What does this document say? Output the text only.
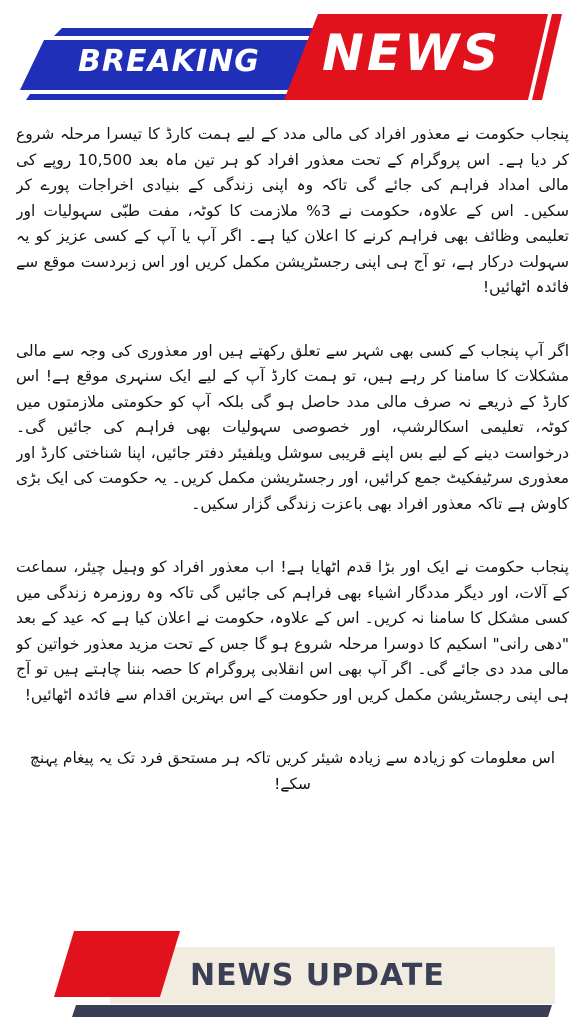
BREAKING NEWS

پنجاب حکومت نے معذور افراد کی مالی مدد کے لیے ہمت کارڈ کا تیسرا مرحلہ شروع کر دیا ہے۔ اس پروگرام کے تحت معذور افراد کو ہر تین ماہ بعد 10,500 روپے کی مالی امداد فراہم کی جائے گی تاکہ وہ اپنی زندگی کے بنیادی اخراجات پورے کر سکیں۔ اس کے علاوہ، حکومت نے 3% ملازمت کا کوٹہ، مفت طبّی سہولیات اور تعلیمی وظائف بھی فراہم کرنے کا اعلان کیا ہے۔ اگر آپ یا آپ کے کسی عزیز کو یہ سہولت درکار ہے، تو آج ہی اپنی رجسٹریشن مکمل کریں اور اس زبردست موقع سے فائدہ اٹھائیں!

اگر آپ پنجاب کے کسی بھی شہر سے تعلق رکھتے ہیں اور معذوری کی وجہ سے مالی مشکلات کا سامنا کر رہے ہیں، تو ہمت کارڈ آپ کے لیے ایک سنہری موقع ہے! اس کارڈ کے ذریعے نہ صرف مالی مدد حاصل ہو گی بلکہ آپ کو حکومتی ملازمتوں میں کوٹہ، تعلیمی اسکالرشپ، اور خصوصی سہولیات بھی فراہم کی جائیں گی۔ درخواست دینے کے لیے بس اپنے قریبی سوشل ویلفیئر دفتر جائیں، اپنا شناختی کارڈ اور معذوری سرٹیفکیٹ جمع کرائیں، اور رجسٹریشن مکمل کریں۔ یہ حکومت کی ایک بڑی کاوش ہے تاکہ معذور افراد بھی باعزت زندگی گزار سکیں۔

پنجاب حکومت نے ایک اور بڑا قدم اٹھایا ہے! اب معذور افراد کو وہیل چیئر، سماعت کے آلات، اور دیگر مددگار اشیاء بھی فراہم کی جائیں گی تاکہ وہ روزمرہ زندگی میں کسی مشکل کا سامنا نہ کریں۔ اس کے علاوہ، حکومت نے اعلان کیا ہے کہ عید کے بعد "دھی رانی" اسکیم کا دوسرا مرحلہ شروع ہو گا جس کے تحت مزید معذور خواتین کو مالی مدد دی جائے گی۔ اگر آپ بھی اس انقلابی پروگرام کا حصہ بننا چاہتے ہیں تو آج ہی اپنی رجسٹریشن مکمل کریں اور حکومت کے اس بہترین اقدام سے فائدہ اٹھائیں!

اس معلومات کو زیادہ سے زیادہ شیئر کریں تاکہ ہر مستحق فرد تک یہ پیغام پہنچ سکے!

NEWS UPDATE
